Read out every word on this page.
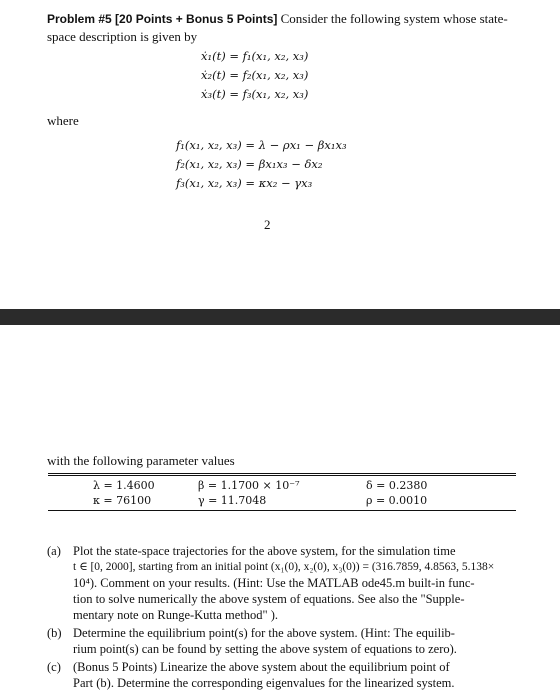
Problem #5 [20 Points + Bonus 5 Points] Consider the following system whose state-space description is given by
ẋ₁(t) = f₁(x₁, x₂, x₃)
ẋ₂(t) = f₂(x₁, x₂, x₃)
ẋ₃(t) = f₃(x₁, x₂, x₃)
where
f₁(x₁, x₂, x₃) = λ − ρx₁ − βx₁x₃
f₂(x₁, x₂, x₃) = βx₁x₃ − δx₂
f₃(x₁, x₂, x₃) = κx₂ − γx₃
2
with the following parameter values
λ = 1.4600	β = 1.1700 × 10⁻⁷	δ = 0.2380
κ = 76100	γ = 11.7048	ρ = 0.0010
(a) Plot the state-space trajectories for the above system, for the simulation time
t ∈ [0, 2000], starting from an initial point (x₁(0), x₂(0), x₃(0)) = (316.7859, 4.8563, 5.138×
10⁴). Comment on your results. (Hint: Use the MATLAB ode45.m built-in func-
tion to solve numerically the above system of equations. See also the "Supple-
mentary note on Runge-Kutta method" ).
(b) Determine the equilibrium point(s) for the above system. (Hint: The equilib-
rium point(s) can be found by setting the above system of equations to zero).
(c) (Bonus 5 Points) Linearize the above system about the equilibrium point of
Part (b). Determine the corresponding eigenvalues for the linearized system.
